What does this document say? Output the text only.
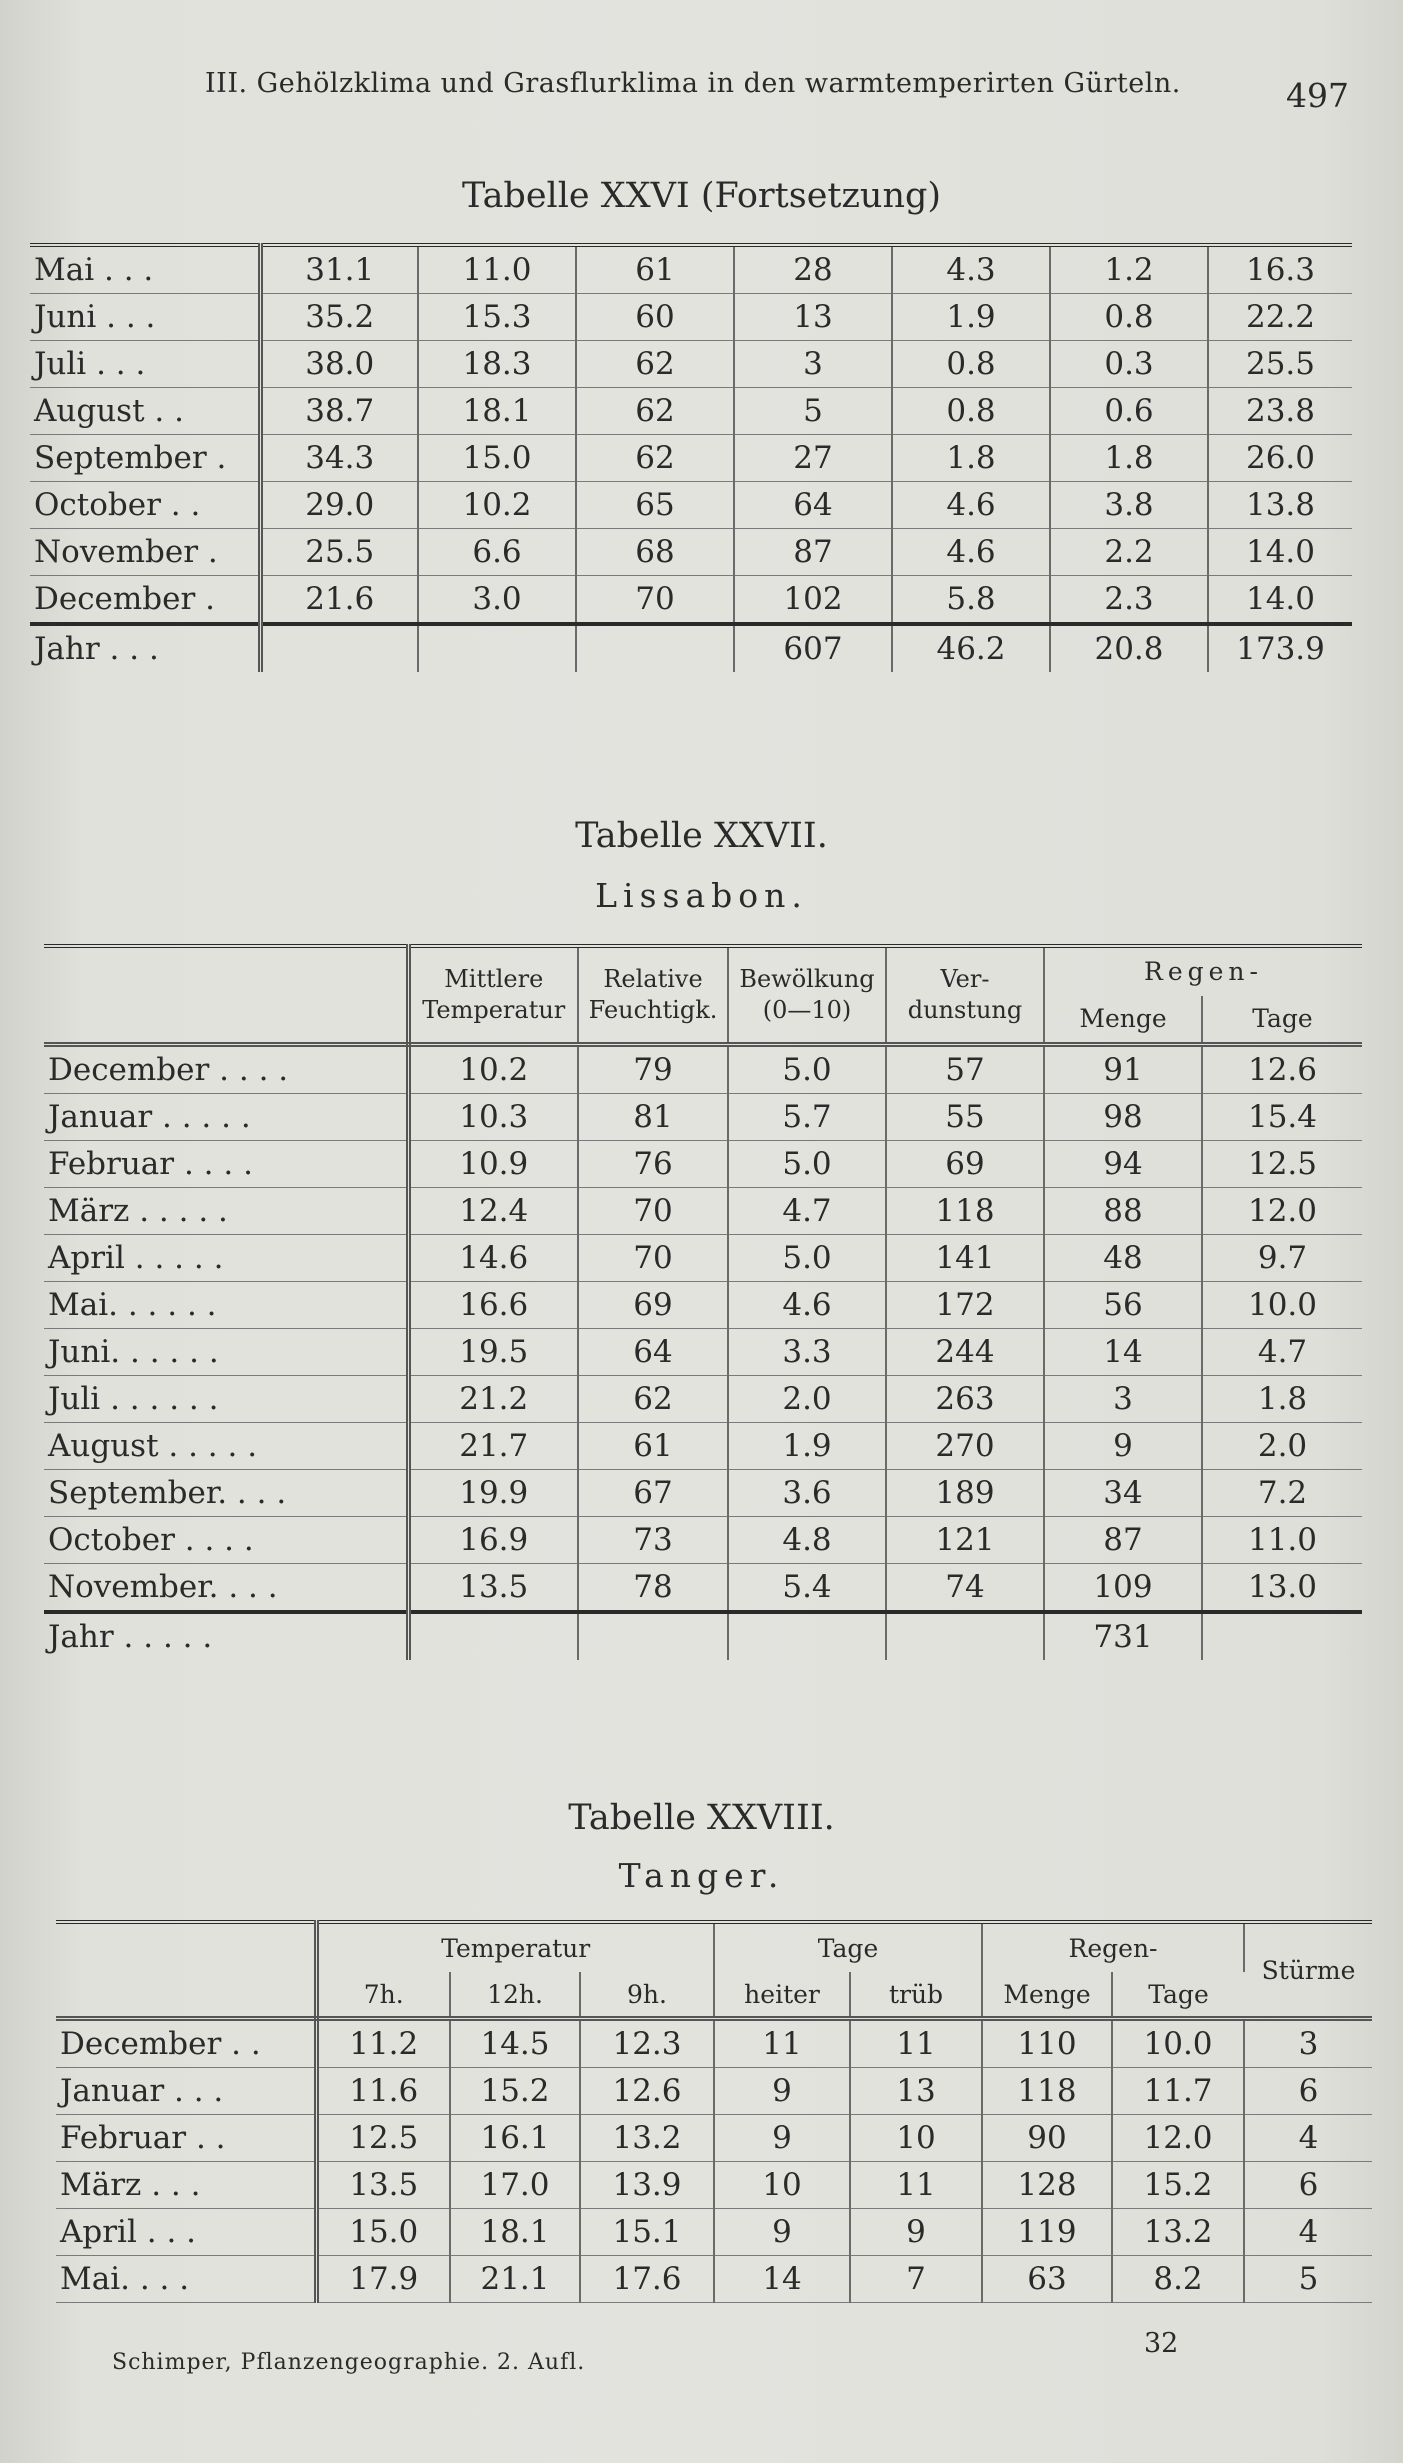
III. Gehölzklima und Grasflurklima in den warmtemperirten Gürteln.	497
Tabelle XXVI (Fortsetzung)
Mai . . .	31.1	11.0	61	28	4.3	1.2	16.3
Juni . . .	35.2	15.3	60	13	1.9	0.8	22.2
Juli . . .	38.0	18.3	62	3	0.8	0.3	25.5
August . .	38.7	18.1	62	5	0.8	0.6	23.8
September .	34.3	15.0	62	27	1.8	1.8	26.0
October . .	29.0	10.2	65	64	4.6	3.8	13.8
November .	25.5	6.6	68	87	4.6	2.2	14.0
December .	21.6	3.0	70	102	5.8	2.3	14.0
Jahr . . .				607	46.2	20.8	173.9
Tabelle XXVII.
Lissabon.
	Mittlere Temperatur	Relative Feuchtigk.	Bewölkung (0—10)	Ver- dunstung	Regen-	
					Menge	Tage
December . . . .	10.2	79	5.0	57	91	12.6
Januar . . . . .	10.3	81	5.7	55	98	15.4
Februar . . . .	10.9	76	5.0	69	94	12.5
März . . . . .	12.4	70	4.7	118	88	12.0
April . . . . .	14.6	70	5.0	141	48	9.7
Mai. . . . . .	16.6	69	4.6	172	56	10.0
Juni. . . . . .	19.5	64	3.3	244	14	4.7
Juli . . . . . .	21.2	62	2.0	263	3	1.8
August . . . . .	21.7	61	1.9	270	9	2.0
September. . . .	19.9	67	3.6	189	34	7.2
October . . . .	16.9	73	4.8	121	87	11.0
November. . . .	13.5	78	5.4	74	109	13.0
Jahr . . . . .					731	
Tabelle XXVIII.
Tanger.
	Temperatur			Tage		Regen-		Stürme
	7h.	12h.	9h.	heiter	trüb	Menge	Tage	
December . .	11.2	14.5	12.3	11	11	110	10.0	3
Januar . . .	11.6	15.2	12.6	9	13	118	11.7	6
Februar . .	12.5	16.1	13.2	9	10	90	12.0	4
März . . .	13.5	17.0	13.9	10	11	128	15.2	6
April . . .	15.0	18.1	15.1	9	9	119	13.2	4
Mai. . . .	17.9	21.1	17.6	14	7	63	8.2	5
Schimper, Pflanzengeographie. 2. Aufl.
32
